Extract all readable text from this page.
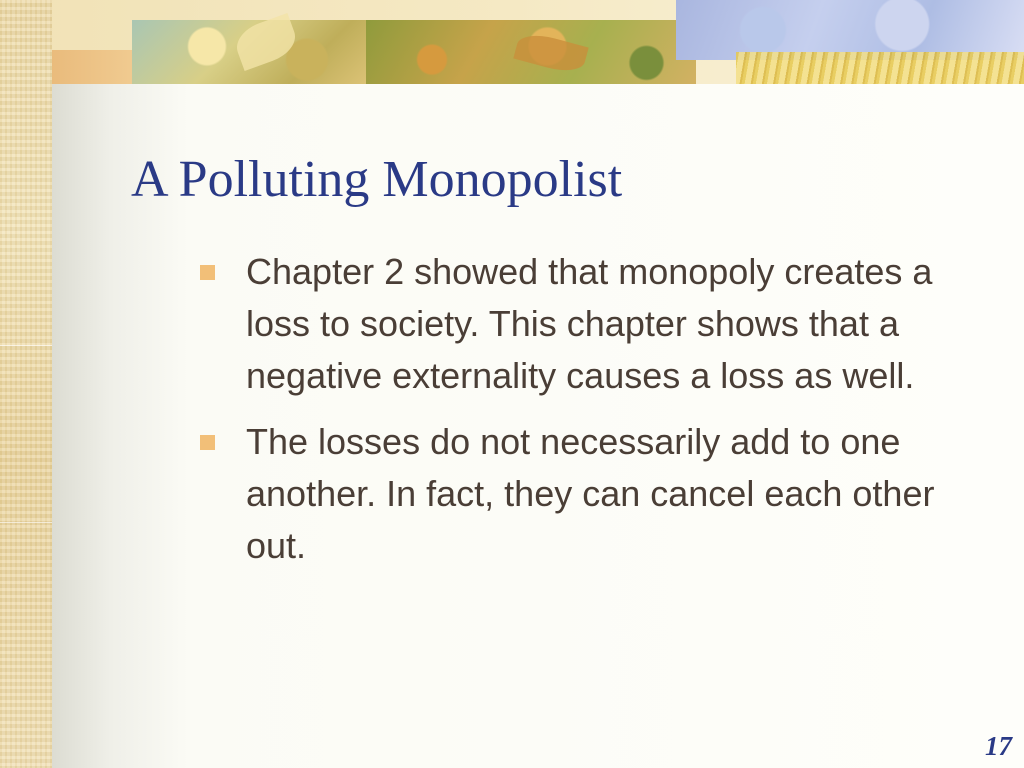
A Polluting Monopolist
Chapter 2 showed that monopoly creates a loss to society. This chapter shows that a negative externality causes a loss as well.
The losses do not necessarily add to one another. In fact, they can cancel each other out.
17
